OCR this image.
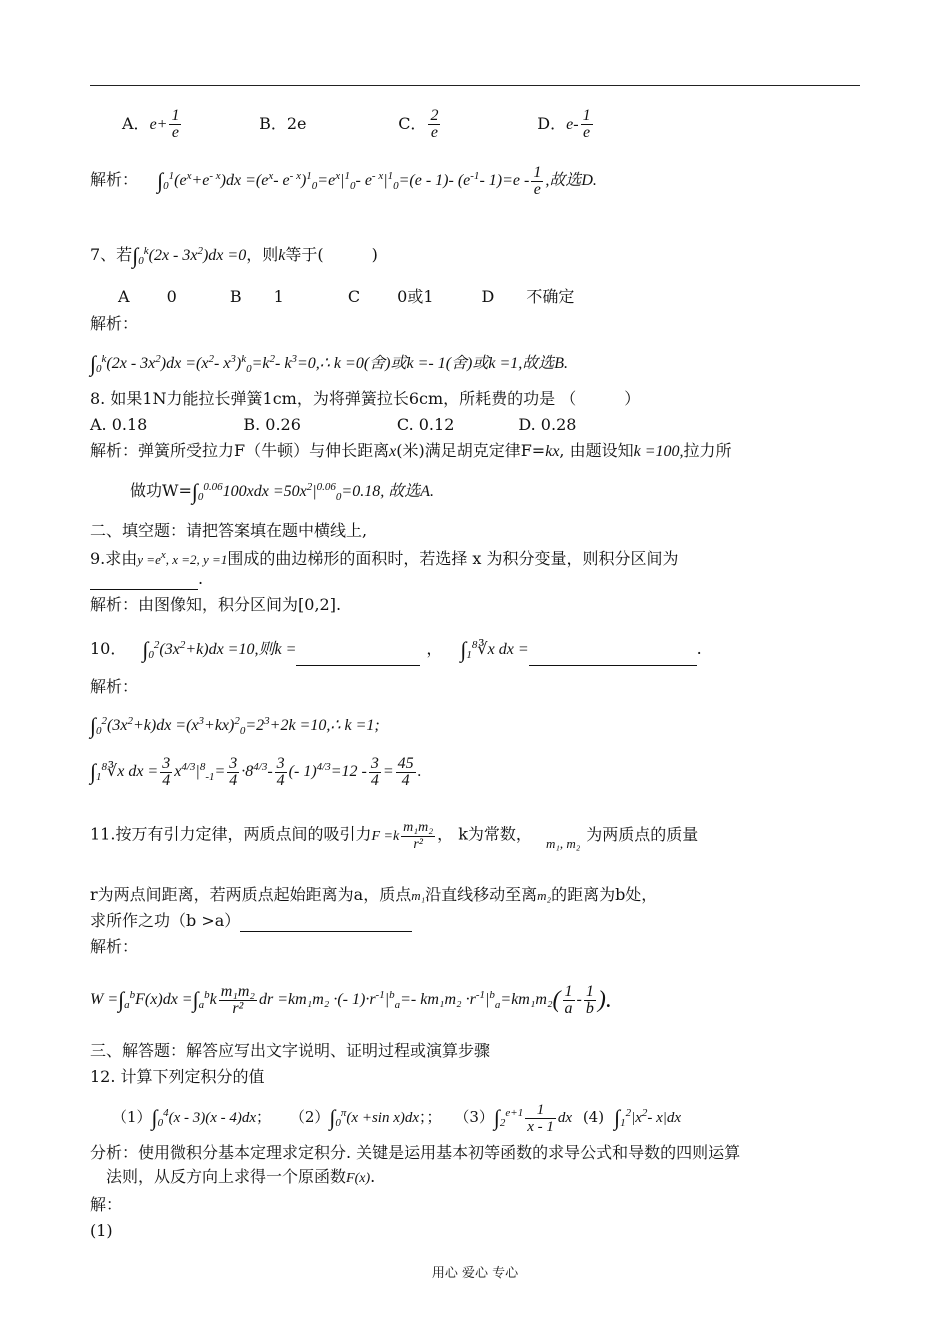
A．$e+ \frac{1}{e}$	B．2e	C． $\frac{2}{e}$	D．$e- \frac{1}{e}$
解析： $\int_0^1(e^x+e^{- x})dx =(e^x-$ $e^{- x})^1_0=e^x|^1_0-$ $e^{- x}|^1_0=(e - 1)-$ ($e^{-1}-$ $1)=e - \frac{1}{e}$ ,故选D.
7、若$\int_0^k(2x - 3x^2)dx =0$，则k等于(　　　)
A　　 0　　　 B　　1　　　　C　　 0或1　　　D　　不确定
解析：
$\int_0^k(2x - 3x^2)dx =(x^2-$ $x^3)^k_0=k^2-$ $k^3=0,\therefore$ k =0(舍)或k =- 1(舍)或k =1,故选B.
8. 如果1N力能拉长弹簧1cm，为将弹簧拉长6cm，所耗费的功是 （　　　）
A. 0.18　　　　　　B. 0.26　　　　　　C. 0.12　　　　D. 0.28
解析：弹簧所受拉力F（牛顿）与伸长距离x(米)满足胡克定律F=kx, 由题设知k =100,拉力所
做功$W=\int_0^{0.06}100xdx =50x^2|^{0.06}_0=0.18$, 故选A.
二、填空题：请把答案填在题中横线上,
9.求由$y =e^x$, x =2, y =1围成的曲边梯形的面积时，若选择 x 为积分变量，则积分区间为
.
解析：由图像知，积分区间为[0,2].
10． $\int_0^2(3x^2+k)dx =10$,则k =	， $\int_1^8∛x$ dx =	.
解析：
$\int_0^2(3x^2+k)dx =(x^3+kx)^2_0=2^3+2k$ =10,∴ k =1;
$\int_1^8∛x$ dx = $\frac{3}{4} x^{4/3}|^8_{-1}= \frac{3}{4} \cdot 8^{4/3}- \frac{3}{4}$ (- $1)^{4/3}=12 - \frac{3}{4} = \frac{45}{4}$ .
11.按万有引力定律，两质点间的吸引力$F =k \frac{\text{m₁m₂}}{\text{r²}}$ ， k为常数， $_{m_1, m_2}$ 为两质点的质量
r为两点间距离，若两质点起始距离为a，质点m₁沿直线移动至离m₂的距离为b处，
求所作之功（b >a）
解析：
$W =\int_a^bF(x)dx =\int_a^bk \frac{\text{m₁m₂}}{\text{r²}}$ dr =km₁m₂ ·(- $1)\cdot r^{-1}|^b_a=-$ $km_1m_2 \cdot r^{-1}|^b_a=km_1m_2( \frac{1}{a} - \frac{1}{b}$ ).
三、解答题：解答应写出文字说明、证明过程或演算步骤
12. 计算下列定积分的值
$(1)\int_0^4(x - 3)(x - 4)dx$； $(2)\int_0^\pi(x +\sin$ x)dx；； $(3)\int_2^{e+1} \frac{1}{x - 1}$ dx (4) $\int_1^2|x^2-$ x|dx
分析：使用微积分基本定理求定积分. 关键是运用基本初等函数的求导公式和导数的四则运算
法则，从反方向上求得一个原函数F(x).
解：
(1)
用心 爱心 专心
